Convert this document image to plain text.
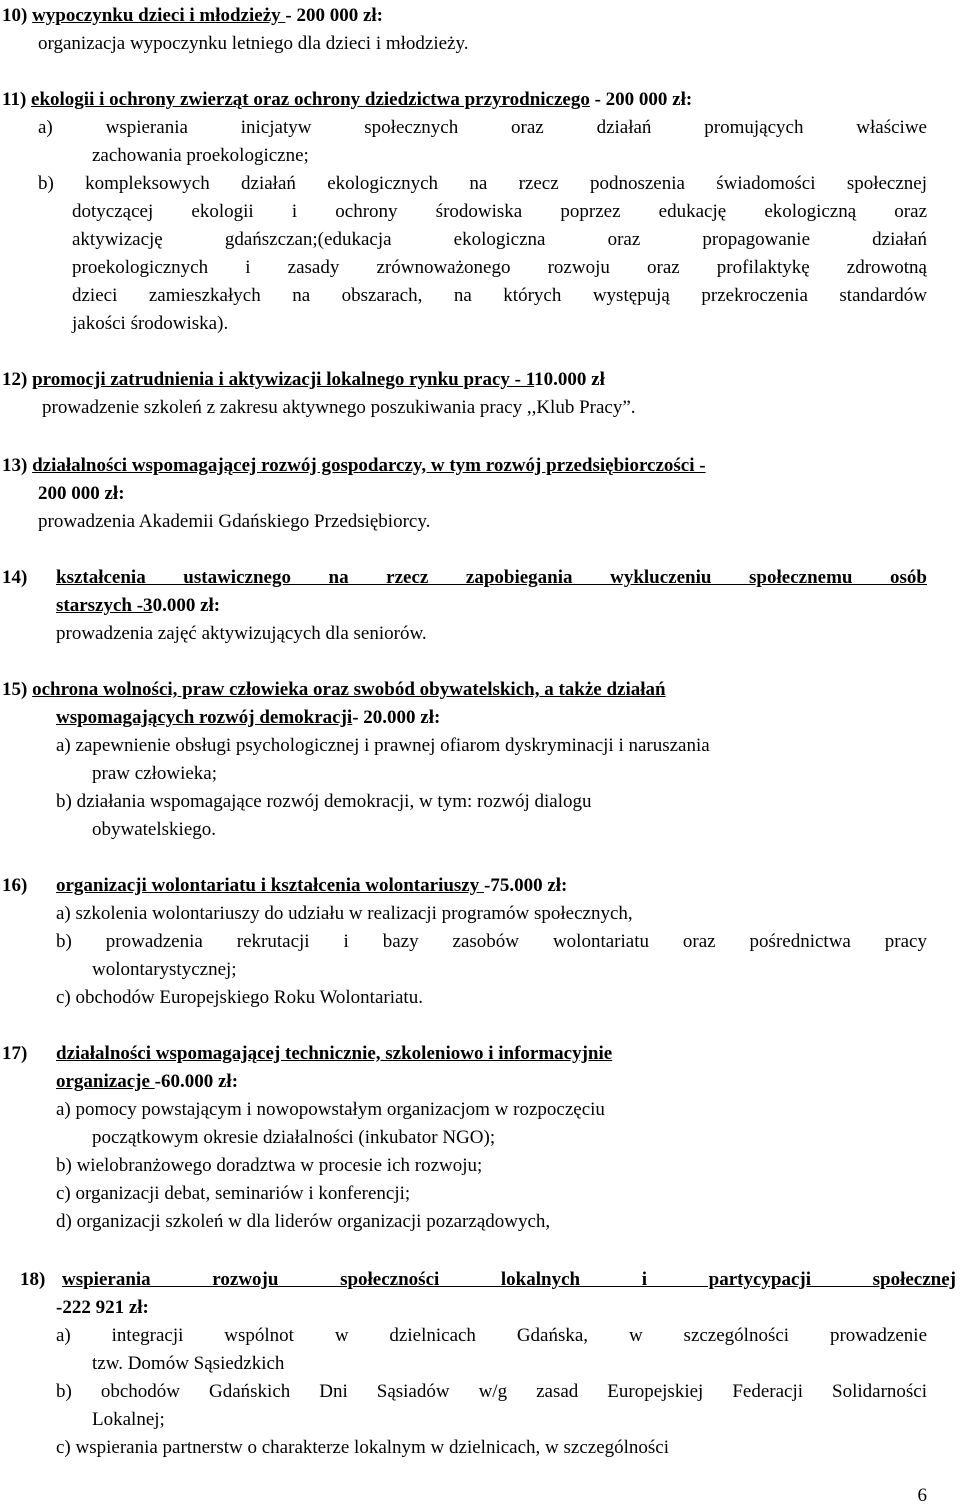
10) wypoczynku dzieci i młodzieży - 200 000 zł:
organizacja wypoczynku letniego dla dzieci i młodzieży.
11) ekologii i ochrony zwierząt oraz ochrony dziedzictwa przyrodniczego - 200 000 zł:
a) wspierania inicjatyw społecznych oraz działań promujących właściwe
zachowania proekologiczne;
b) kompleksowych działań ekologicznych na rzecz podnoszenia świadomości społecznej
dotyczącej ekologii i ochrony środowiska poprzez edukację ekologiczną oraz
aktywizację gdańszczan;(edukacja ekologiczna oraz propagowanie działań
proekologicznych i zasady zrównoważonego rozwoju oraz profilaktykę zdrowotną
dzieci zamieszkałych na obszarach, na których występują przekroczenia standardów
jakości środowiska).
12) promocji zatrudnienia i aktywizacji lokalnego rynku pracy - 110.000 zł
prowadzenie szkoleń z zakresu aktywnego poszukiwania pracy ,,Klub Pracy”.
13) działalności wspomagającej rozwój gospodarczy, w tym rozwój przedsiębiorczości -
200 000 zł:
prowadzenia Akademii Gdańskiego Przedsiębiorcy.
14)	kształcenia ustawicznego na rzecz zapobiegania wykluczeniu społecznemu osób
starszych -30.000 zł:
prowadzenia zajęć aktywizujących dla seniorów.
15) ochrona wolności, praw człowieka oraz swobód obywatelskich, a także działań
wspomagających rozwój demokracji- 20.000 zł:
a) zapewnienie obsługi psychologicznej i prawnej ofiarom dyskryminacji i naruszania
praw człowieka;
b) działania wspomagające rozwój demokracji, w tym: rozwój dialogu
obywatelskiego.
16) organizacji wolontariatu i kształcenia wolontariuszy -75.000 zł:
a) szkolenia wolontariuszy do udziału w realizacji programów społecznych,
b) prowadzenia rekrutacji i bazy zasobów wolontariatu oraz pośrednictwa pracy
wolontarystycznej;
c) obchodów Europejskiego Roku Wolontariatu.
17) działalności wspomagającej technicznie, szkoleniowo i informacyjnie
organizacje -60.000 zł:
a) pomocy powstającym i nowopowstałym organizacjom w rozpoczęciu
początkowym okresie działalności (inkubator NGO);
b) wielobranżowego doradztwa w procesie ich rozwoju;
c) organizacji debat, seminariów i konferencji;
d) organizacji szkoleń w dla liderów organizacji pozarządowych,
18) wspierania rozwoju społeczności lokalnych i partycypacji społecznej
-222 921 zł:
a) integracji wspólnot w dzielnicach Gdańska, w szczególności prowadzenie
tzw. Domów Sąsiedzkich
b) obchodów Gdańskich Dni Sąsiadów w/g zasad Europejskiej Federacji Solidarności
Lokalnej;
c) wspierania partnerstw o charakterze lokalnym w dzielnicach, w szczególności
6
